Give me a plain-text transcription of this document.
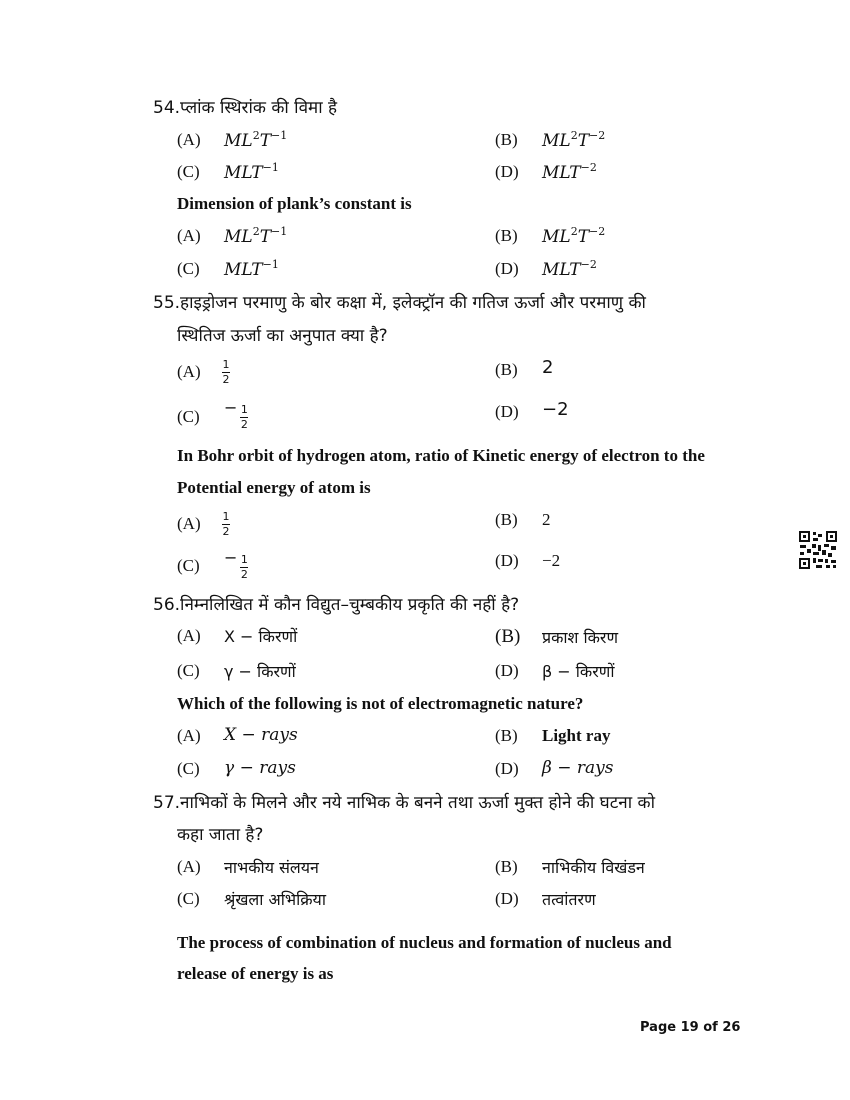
54.प्लांक स्थिरांक की विमा है
(A) $ML^2T^{-1}$	(B) $ML^2T^{-2}$
(C) $MLT^{-1}$	(D) $MLT^{-2}$
Dimension of plank’s constant is
(A) $ML^2T^{-1}$	(B) $ML^2T^{-2}$
(C) $MLT^{-1}$	(D) $MLT^{-2}$
55.हाइड्रोजन परमाणु के बोर कक्षा में, इलेक्ट्रॉन की गतिज ऊर्जा और परमाणु की
स्थितिज ऊर्जा का अनुपात क्या है?
$(A) \frac{1}{2}$	(B) 2
$(C) - \frac{1}{2}$	(D) −2
In Bohr orbit of hydrogen atom, ratio of Kinetic energy of electron to the
Potential energy of atom is
$(A) \frac{1}{2}$	(B) 2
$(C) - \frac{1}{2}$	(D) −2
56.निम्नलिखित में कौन विद्युत–चुम्बकीय प्रकृति की नहीं है?
(A) X − किरणों	(B) प्रकाश किरण
(C) γ − किरणों	(D) β − किरणों
Which of the following is not of electromagnetic nature?
(A) X − rays	(B) Light ray
(C) γ − rays	(D) β − rays
57.नाभिकों के मिलने और नये नाभिक के बनने तथा ऊर्जा मुक्त होने की घटना को
कहा जाता है?
(A) नाभकीय संलयन	(B) नाभिकीय विखंडन
(C) श्रृंखला अभिक्रिया	(D) तत्वांतरण
The process of combination of nucleus and formation of nucleus and
release of energy is as
Page 19 of 26
